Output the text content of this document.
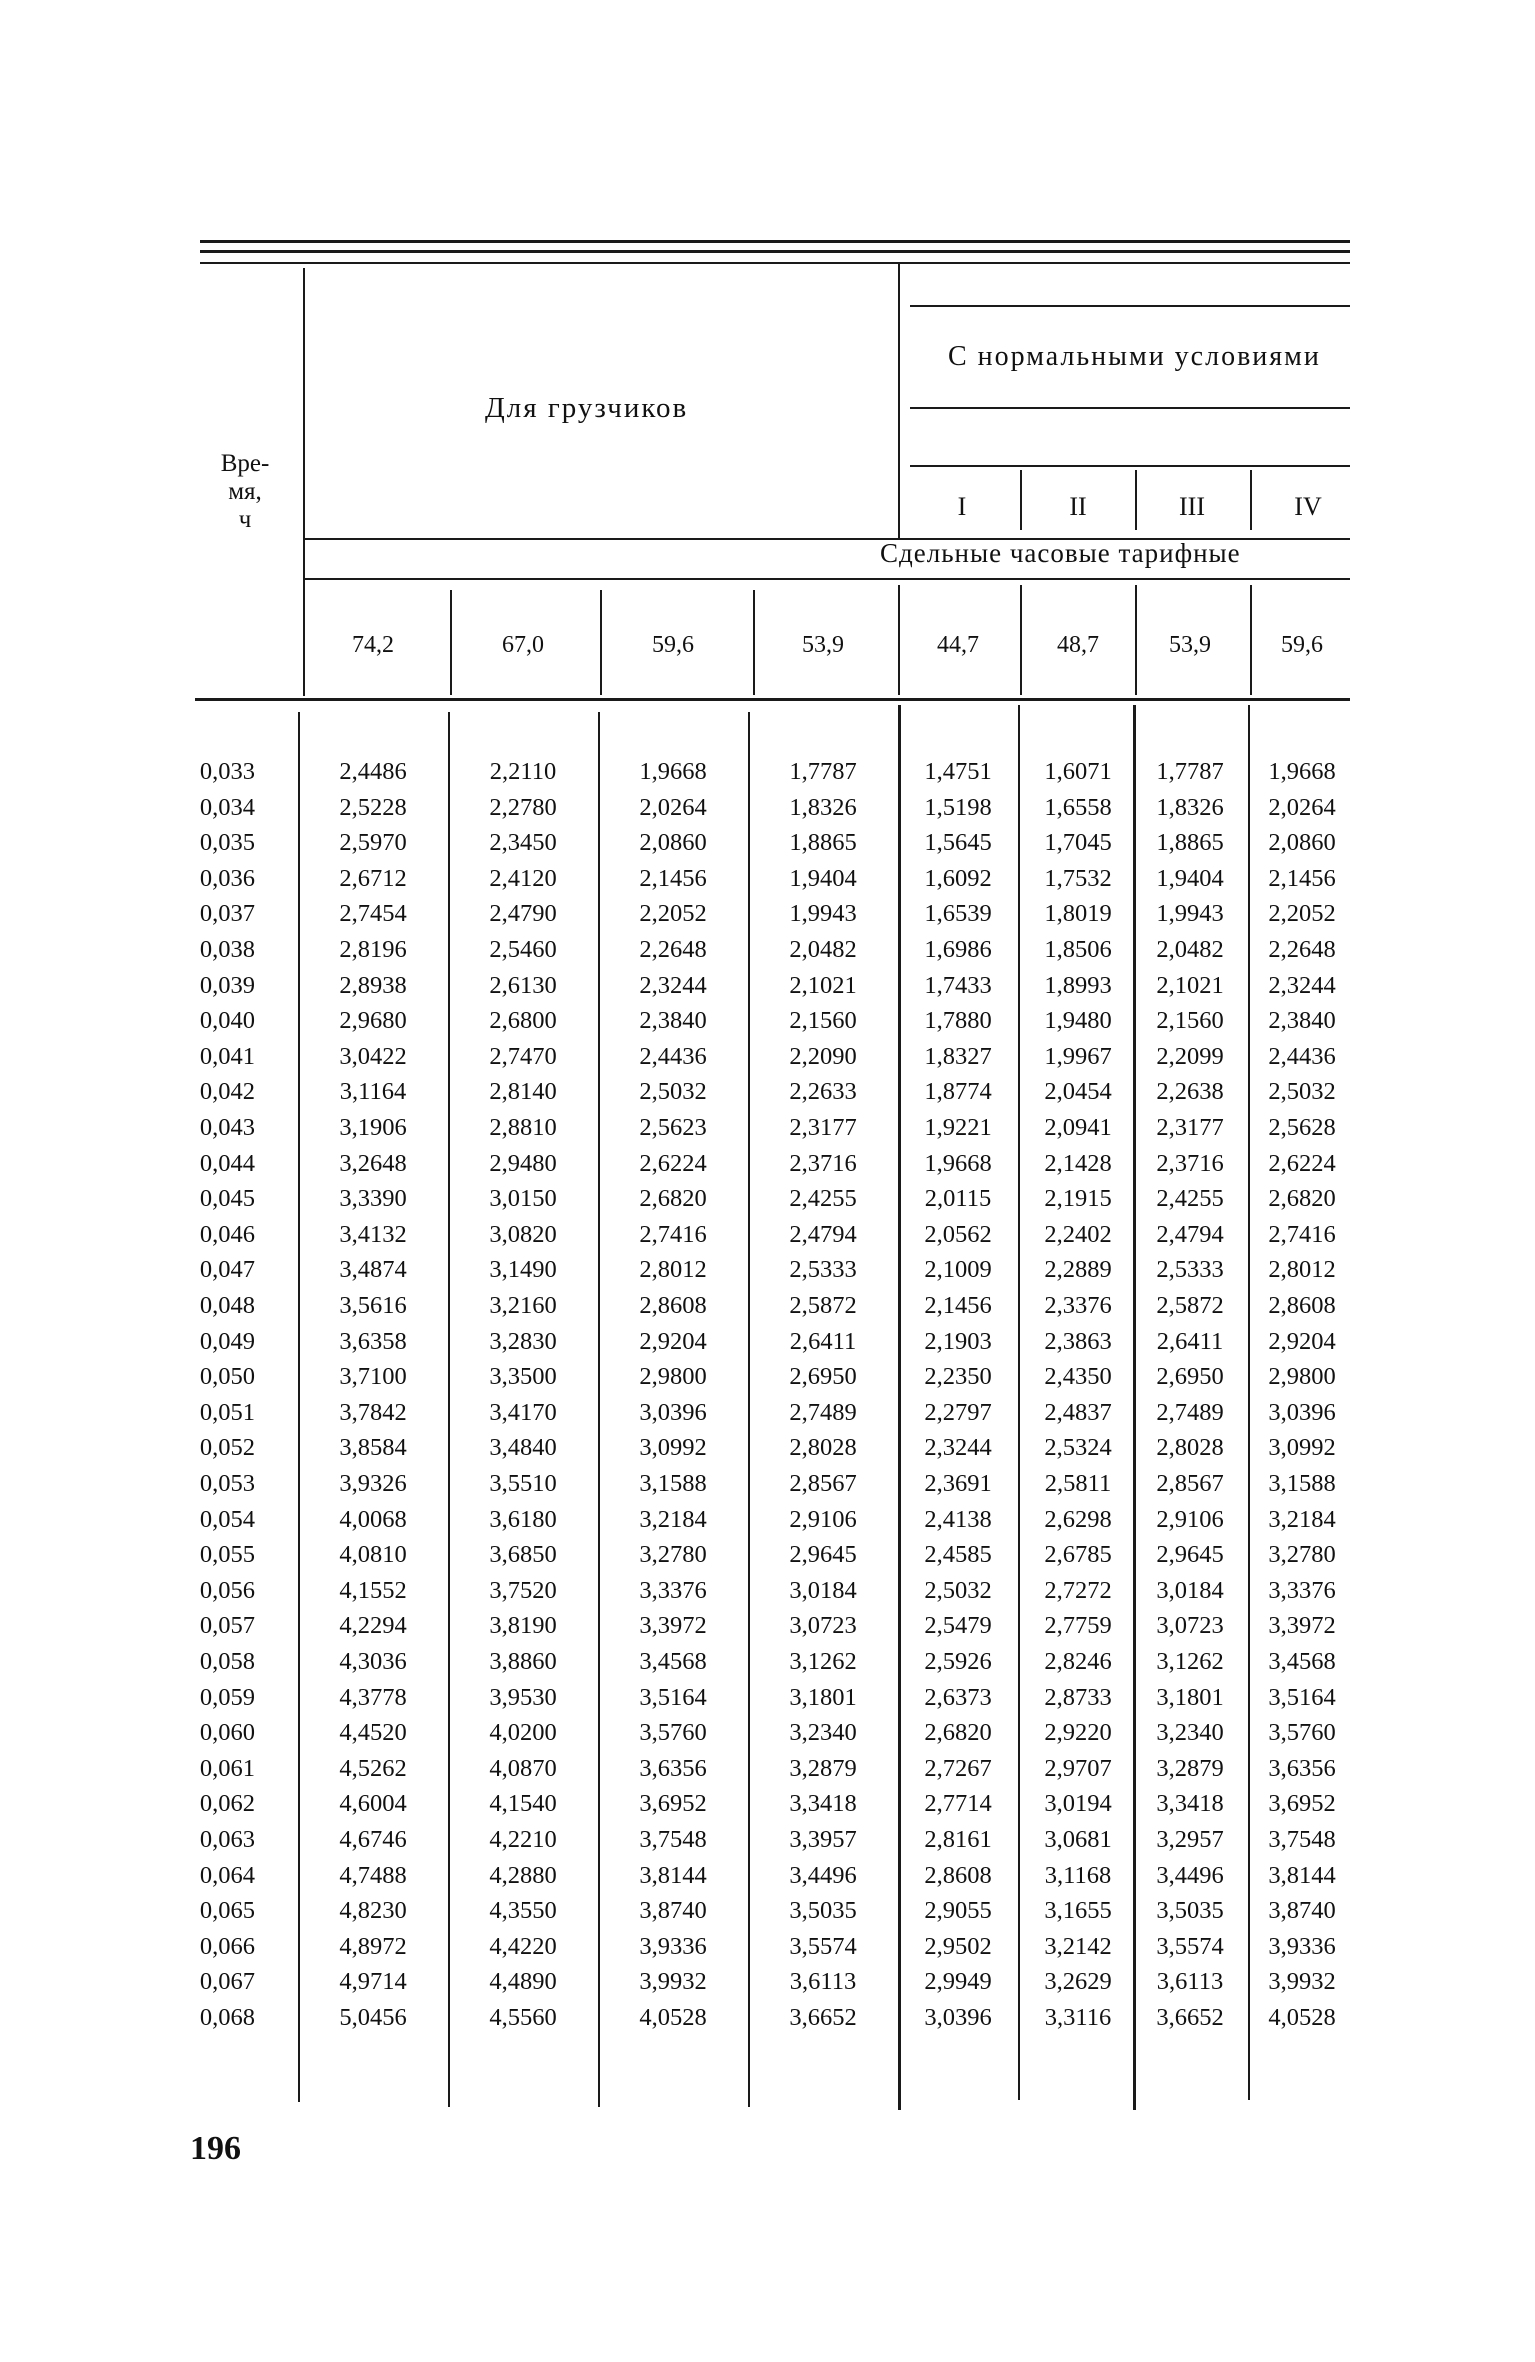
Вре-
мя,
ч
Для грузчиков
С нормальными условиями
Сдельные часовые тарифные
I	II	III	IV
74,2	67,0	59,6	53,9	44,7	48,7	53,9	59,6
0,033	2,4486	2,2110	1,9668	1,7787	1,4751	1,6071	1,7787	1,9668
0,034	2,5228	2,2780	2,0264	1,8326	1,5198	1,6558	1,8326	2,0264
0,035	2,5970	2,3450	2,0860	1,8865	1,5645	1,7045	1,8865	2,0860
0,036	2,6712	2,4120	2,1456	1,9404	1,6092	1,7532	1,9404	2,1456
0,037	2,7454	2,4790	2,2052	1,9943	1,6539	1,8019	1,9943	2,2052
0,038	2,8196	2,5460	2,2648	2,0482	1,6986	1,8506	2,0482	2,2648
0,039	2,8938	2,6130	2,3244	2,1021	1,7433	1,8993	2,1021	2,3244
0,040	2,9680	2,6800	2,3840	2,1560	1,7880	1,9480	2,1560	2,3840
0,041	3,0422	2,7470	2,4436	2,2090	1,8327	1,9967	2,2099	2,4436
0,042	3,1164	2,8140	2,5032	2,2633	1,8774	2,0454	2,2638	2,5032
0,043	3,1906	2,8810	2,5623	2,3177	1,9221	2,0941	2,3177	2,5628
0,044	3,2648	2,9480	2,6224	2,3716	1,9668	2,1428	2,3716	2,6224
0,045	3,3390	3,0150	2,6820	2,4255	2,0115	2,1915	2,4255	2,6820
0,046	3,4132	3,0820	2,7416	2,4794	2,0562	2,2402	2,4794	2,7416
0,047	3,4874	3,1490	2,8012	2,5333	2,1009	2,2889	2,5333	2,8012
0,048	3,5616	3,2160	2,8608	2,5872	2,1456	2,3376	2,5872	2,8608
0,049	3,6358	3,2830	2,9204	2,6411	2,1903	2,3863	2,6411	2,9204
0,050	3,7100	3,3500	2,9800	2,6950	2,2350	2,4350	2,6950	2,9800
0,051	3,7842	3,4170	3,0396	2,7489	2,2797	2,4837	2,7489	3,0396
0,052	3,8584	3,4840	3,0992	2,8028	2,3244	2,5324	2,8028	3,0992
0,053	3,9326	3,5510	3,1588	2,8567	2,3691	2,5811	2,8567	3,1588
0,054	4,0068	3,6180	3,2184	2,9106	2,4138	2,6298	2,9106	3,2184
0,055	4,0810	3,6850	3,2780	2,9645	2,4585	2,6785	2,9645	3,2780
0,056	4,1552	3,7520	3,3376	3,0184	2,5032	2,7272	3,0184	3,3376
0,057	4,2294	3,8190	3,3972	3,0723	2,5479	2,7759	3,0723	3,3972
0,058	4,3036	3,8860	3,4568	3,1262	2,5926	2,8246	3,1262	3,4568
0,059	4,3778	3,9530	3,5164	3,1801	2,6373	2,8733	3,1801	3,5164
0,060	4,4520	4,0200	3,5760	3,2340	2,6820	2,9220	3,2340	3,5760
0,061	4,5262	4,0870	3,6356	3,2879	2,7267	2,9707	3,2879	3,6356
0,062	4,6004	4,1540	3,6952	3,3418	2,7714	3,0194	3,3418	3,6952
0,063	4,6746	4,2210	3,7548	3,3957	2,8161	3,0681	3,2957	3,7548
0,064	4,7488	4,2880	3,8144	3,4496	2,8608	3,1168	3,4496	3,8144
0,065	4,8230	4,3550	3,8740	3,5035	2,9055	3,1655	3,5035	3,8740
0,066	4,8972	4,4220	3,9336	3,5574	2,9502	3,2142	3,5574	3,9336
0,067	4,9714	4,4890	3,9932	3,6113	2,9949	3,2629	3,6113	3,9932
0,068	5,0456	4,5560	4,0528	3,6652	3,0396	3,3116	3,6652	4,0528
196
